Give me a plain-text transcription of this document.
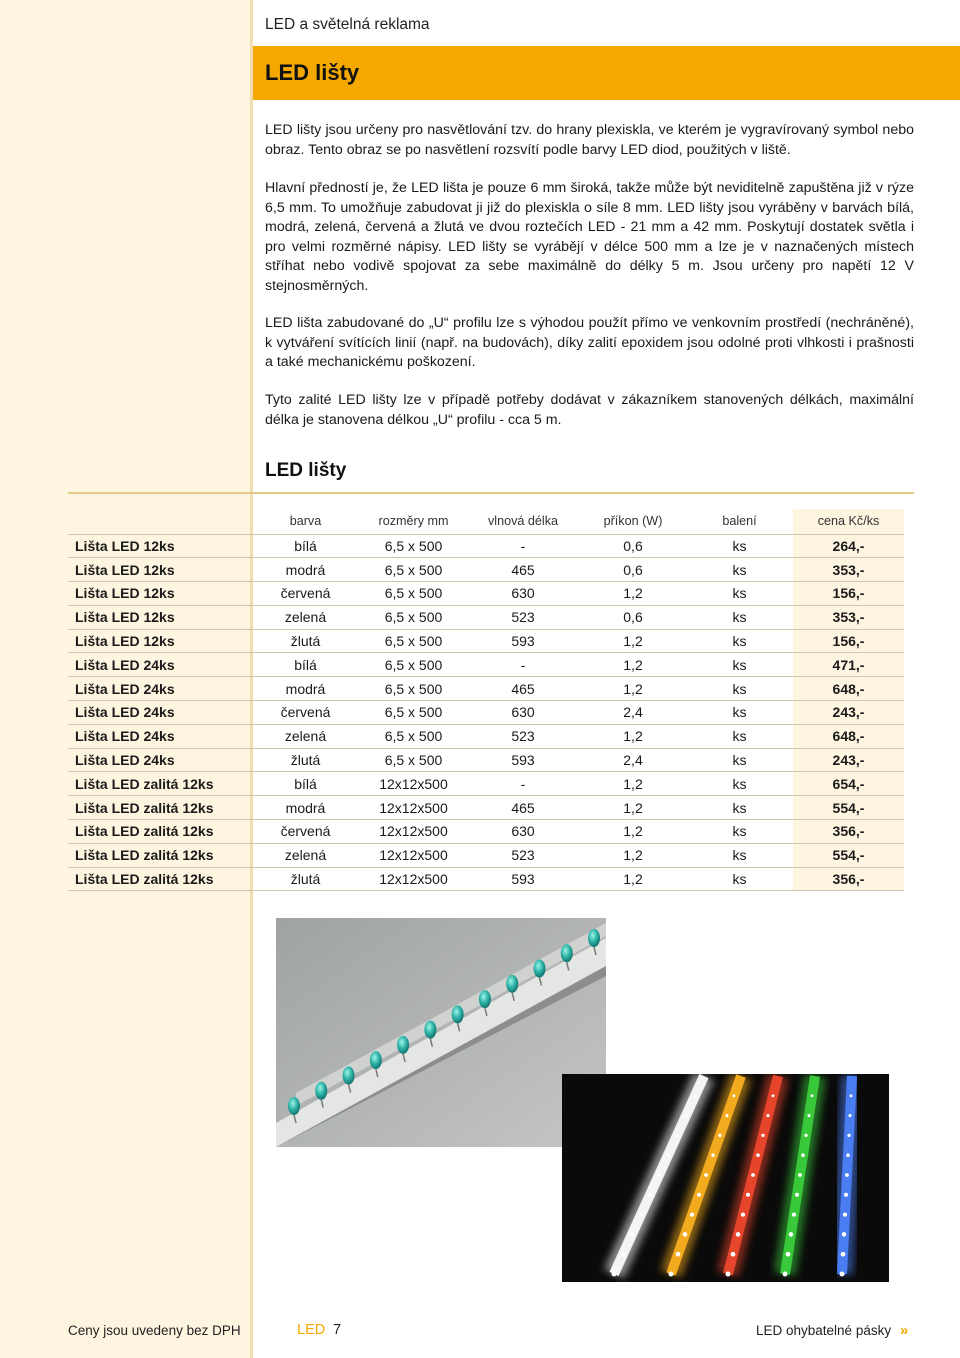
LED a světelná reklama
LED lišty

LED lišty jsou určeny pro nasvětlování tzv. do hrany plexiskla, ve kterém je vygravírovaný symbol nebo obraz. Tento obraz se po nasvětlení rozsvítí podle barvy LED diod, použitých v liště.

Hlavní předností je, že LED lišta je pouze 6 mm široká, takže může být neviditelně zapuštěna již v rýze 6,5 mm. To umožňuje zabudovat ji již do plexiskla o síle 8 mm. LED lišty jsou vyráběny v barvách bílá, modrá, zelená, červená a žlutá ve dvou roztečích LED - 21 mm a 42 mm. Poskytují dostatek světla i pro velmi rozměrné nápisy. LED lišty se vyrábějí v délce 500 mm a lze je v naznačených místech stříhat nebo vodivě spojovat za sebe maximálně do délky 5 m. Jsou určeny pro napětí 12 V stejnosměrných.

LED lišta zabudované do „U“ profilu lze s výhodou použít přímo ve venkovním prostředí (nechráněné), k vytváření svítících linií (např. na budovách), díky zalití epoxidem jsou odolné proti vlhkosti i prašnosti a také mechanickému poškození.

Tyto zalité LED lišty lze v případě potřeby dodávat v zákazníkem stanovených délkách, maximální délka je stanovena délkou „U“ profilu - cca 5 m.

LED lišty
	barva	rozměry mm	vlnová délka	příkon (W)	balení	cena Kč/ks
Lišta LED 12ks	bílá	6,5 x 500	-	0,6	ks	264,-
Lišta LED 12ks	modrá	6,5 x 500	465	0,6	ks	353,-
Lišta LED 12ks	červená	6,5 x 500	630	1,2	ks	156,-
Lišta LED 12ks	zelená	6,5 x 500	523	0,6	ks	353,-
Lišta LED 12ks	žlutá	6,5 x 500	593	1,2	ks	156,-
Lišta LED 24ks	bílá	6,5 x 500	-	1,2	ks	471,-
Lišta LED 24ks	modrá	6,5 x 500	465	1,2	ks	648,-
Lišta LED 24ks	červená	6,5 x 500	630	2,4	ks	243,-
Lišta LED 24ks	zelená	6,5 x 500	523	1,2	ks	648,-
Lišta LED 24ks	žlutá	6,5 x 500	593	2,4	ks	243,-
Lišta LED zalitá 12ks	bílá	12x12x500	-	1,2	ks	654,-
Lišta LED zalitá 12ks	modrá	12x12x500	465	1,2	ks	554,-
Lišta LED zalitá 12ks	červená	12x12x500	630	1,2	ks	356,-
Lišta LED zalitá 12ks	zelená	12x12x500	523	1,2	ks	554,-
Lišta LED zalitá 12ks	žlutá	12x12x500	593	1,2	ks	356,-
Ceny jsou uvedeny bez DPH	LED 7	LED ohybatelné pásky »
